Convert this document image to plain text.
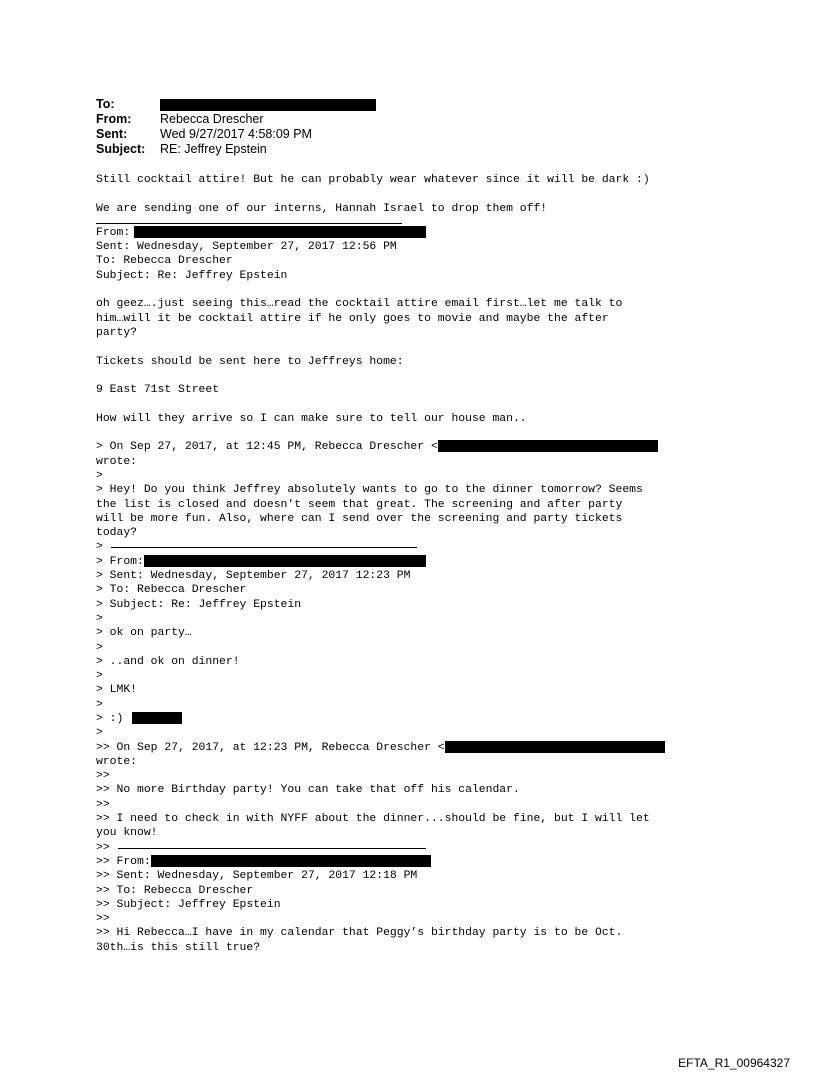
To:
From:	Rebecca Drescher
Sent:	Wed 9/27/2017 4:58:09 PM
Subject:	RE: Jeffrey Epstein
Still cocktail attire! But he can probably wear whatever since it will be dark :)
We are sending one of our interns, Hannah Israel to drop them off!
From:
Sent: Wednesday, September 27, 2017 12:56 PM
To: Rebecca Drescher
Subject: Re: Jeffrey Epstein
oh geez….just seeing this…read the cocktail attire email first…let me talk to
him…will it be cocktail attire if he only goes to movie and maybe the after
party?
Tickets should be sent here to Jeffreys home:
9 East 71st Street
How will they arrive so I can make sure to tell our house man..
> On Sep 27, 2017, at 12:45 PM, Rebecca Drescher <
wrote:
>
> Hey! Do you think Jeffrey absolutely wants to go to the dinner tomorrow? Seems
the list is closed and doesn't seem that great. The screening and after party
will be more fun. Also, where can I send over the screening and party tickets
today?
>
> From:
> Sent: Wednesday, September 27, 2017 12:23 PM
> To: Rebecca Drescher
> Subject: Re: Jeffrey Epstein
>
> ok on party…
>
> ..and ok on dinner!
>
> LMK!
>
> :)
>
>> On Sep 27, 2017, at 12:23 PM, Rebecca Drescher <
wrote:
>>
>> No more Birthday party! You can take that off his calendar.
>>
>> I need to check in with NYFF about the dinner...should be fine, but I will let
you know!
>>
>> From:
>> Sent: Wednesday, September 27, 2017 12:18 PM
>> To: Rebecca Drescher
>> Subject: Jeffrey Epstein
>>
>> Hi Rebecca…I have in my calendar that Peggy’s birthday party is to be Oct.
30th…is this still true?
EFTA_R1_00964327
